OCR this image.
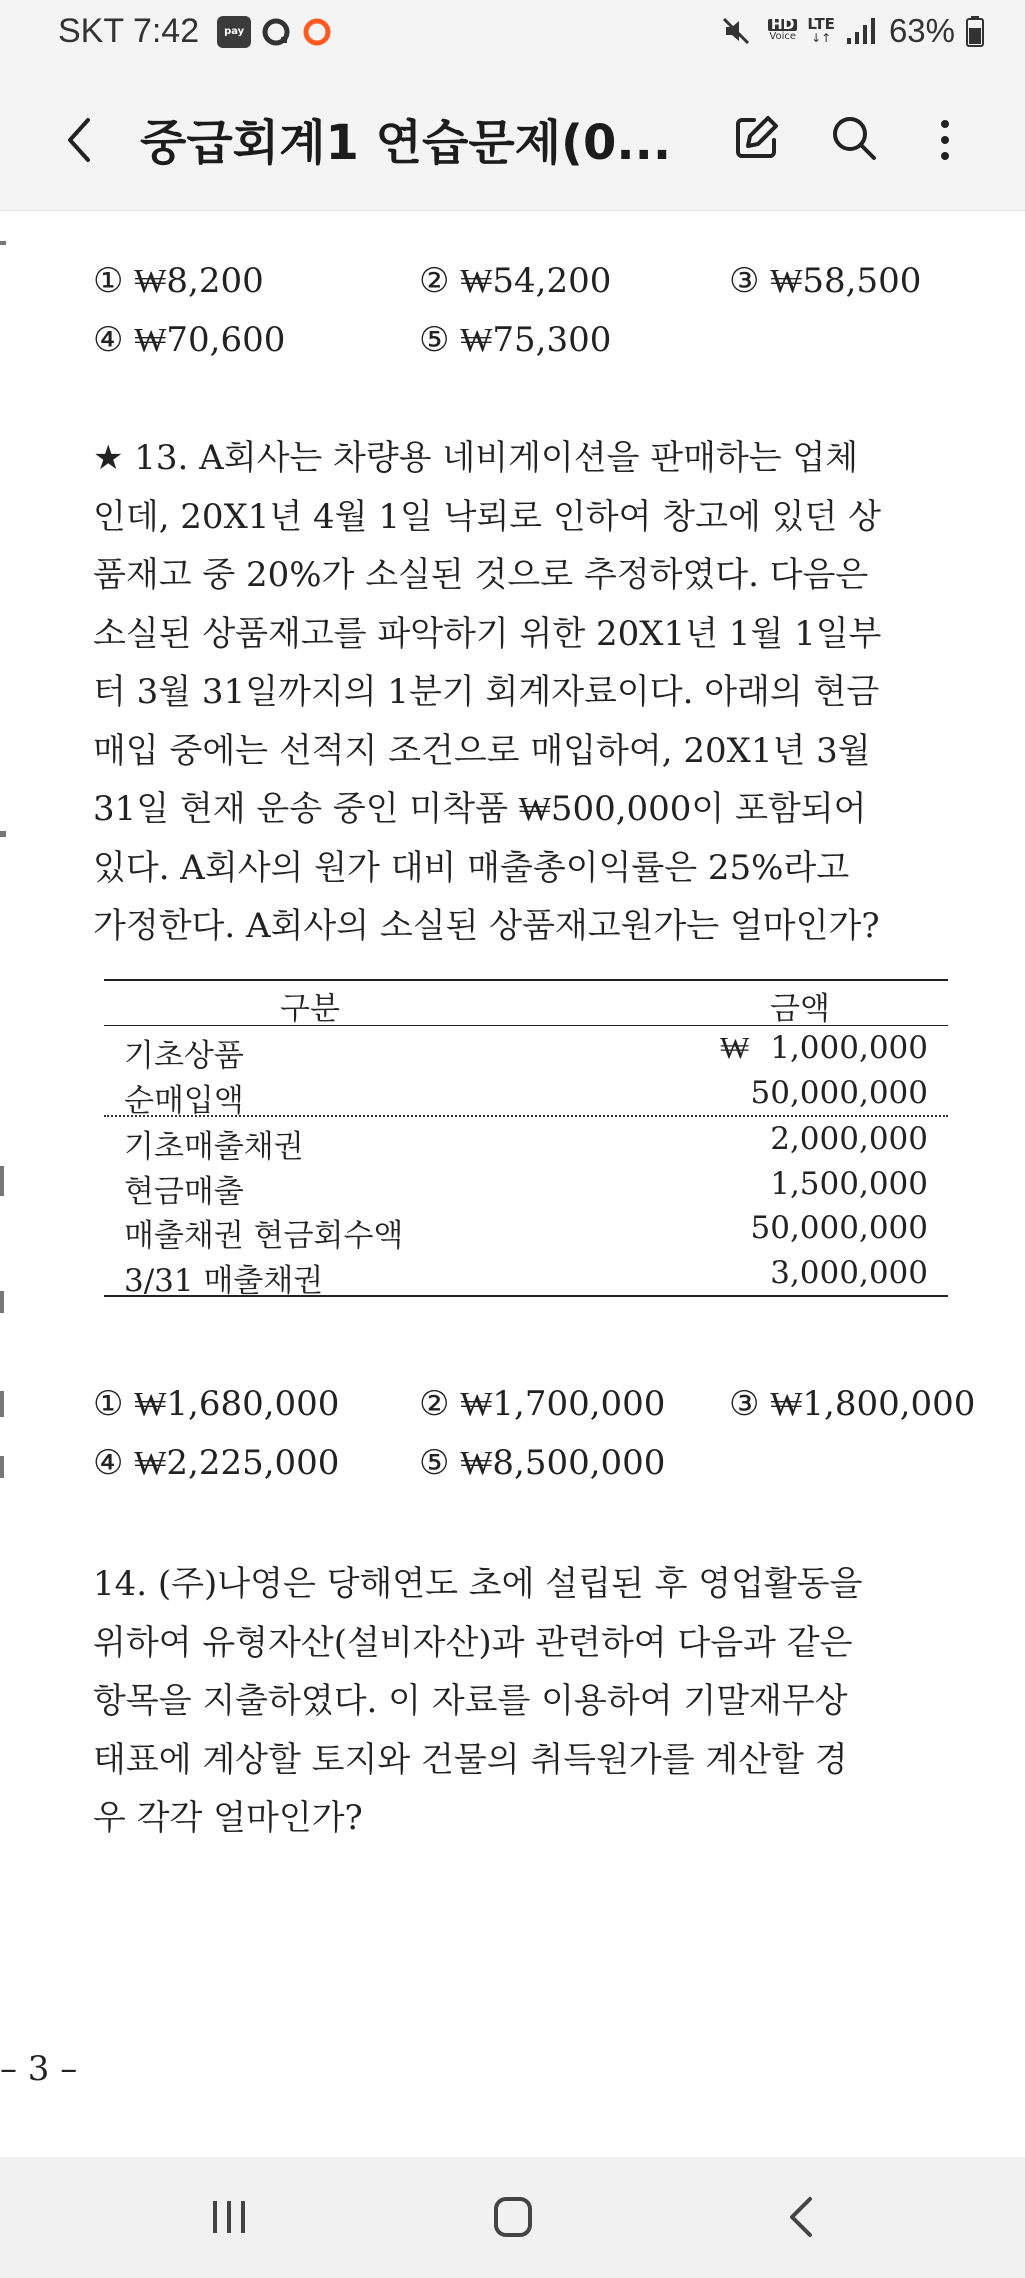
SKT 7:42	pay	HD
Voice
LTE
↓↑ 63%
중급회계1 연습문제(0...
① ₩8,200	② ₩54,200	③ ₩58,500
④ ₩70,600	⑤ ₩75,300
★ 13. A회사는 차량용 네비게이션을 판매하는 업체
인데, 20X1년 4월 1일 낙뢰로 인하여 창고에 있던 상
품재고 중 20%가 소실된 것으로 추정하였다. 다음은
소실된 상품재고를 파악하기 위한 20X1년 1월 1일부
터 3월 31일까지의 1분기 회계자료이다. 아래의 현금
매입 중에는 선적지 조건으로 매입하여, 20X1년 3월
31일 현재 운송 중인 미착품 ₩500,000이 포함되어
있다. A회사의 원가 대비 매출총이익률은 25%라고
가정한다. A회사의 소실된 상품재고원가는 얼마인가?
구분	금액
기초상품	₩ 1,000,000
순매입액	50,000,000
기초매출채권	2,000,000
현금매출	1,500,000
매출채권 현금회수액	50,000,000
3/31 매출채권	3,000,000
① ₩1,680,000 ② ₩1,700,000 ③ ₩1,800,000
④ ₩2,225,000 ⑤ ₩8,500,000
14. (주)나영은 당해연도 초에 설립된 후 영업활동을
위하여 유형자산(설비자산)과 관련하여 다음과 같은
항목을 지출하였다. 이 자료를 이용하여 기말재무상
태표에 계상할 토지와 건물의 취득원가를 계산할 경
우 각각 얼마인가?
– 3 –
